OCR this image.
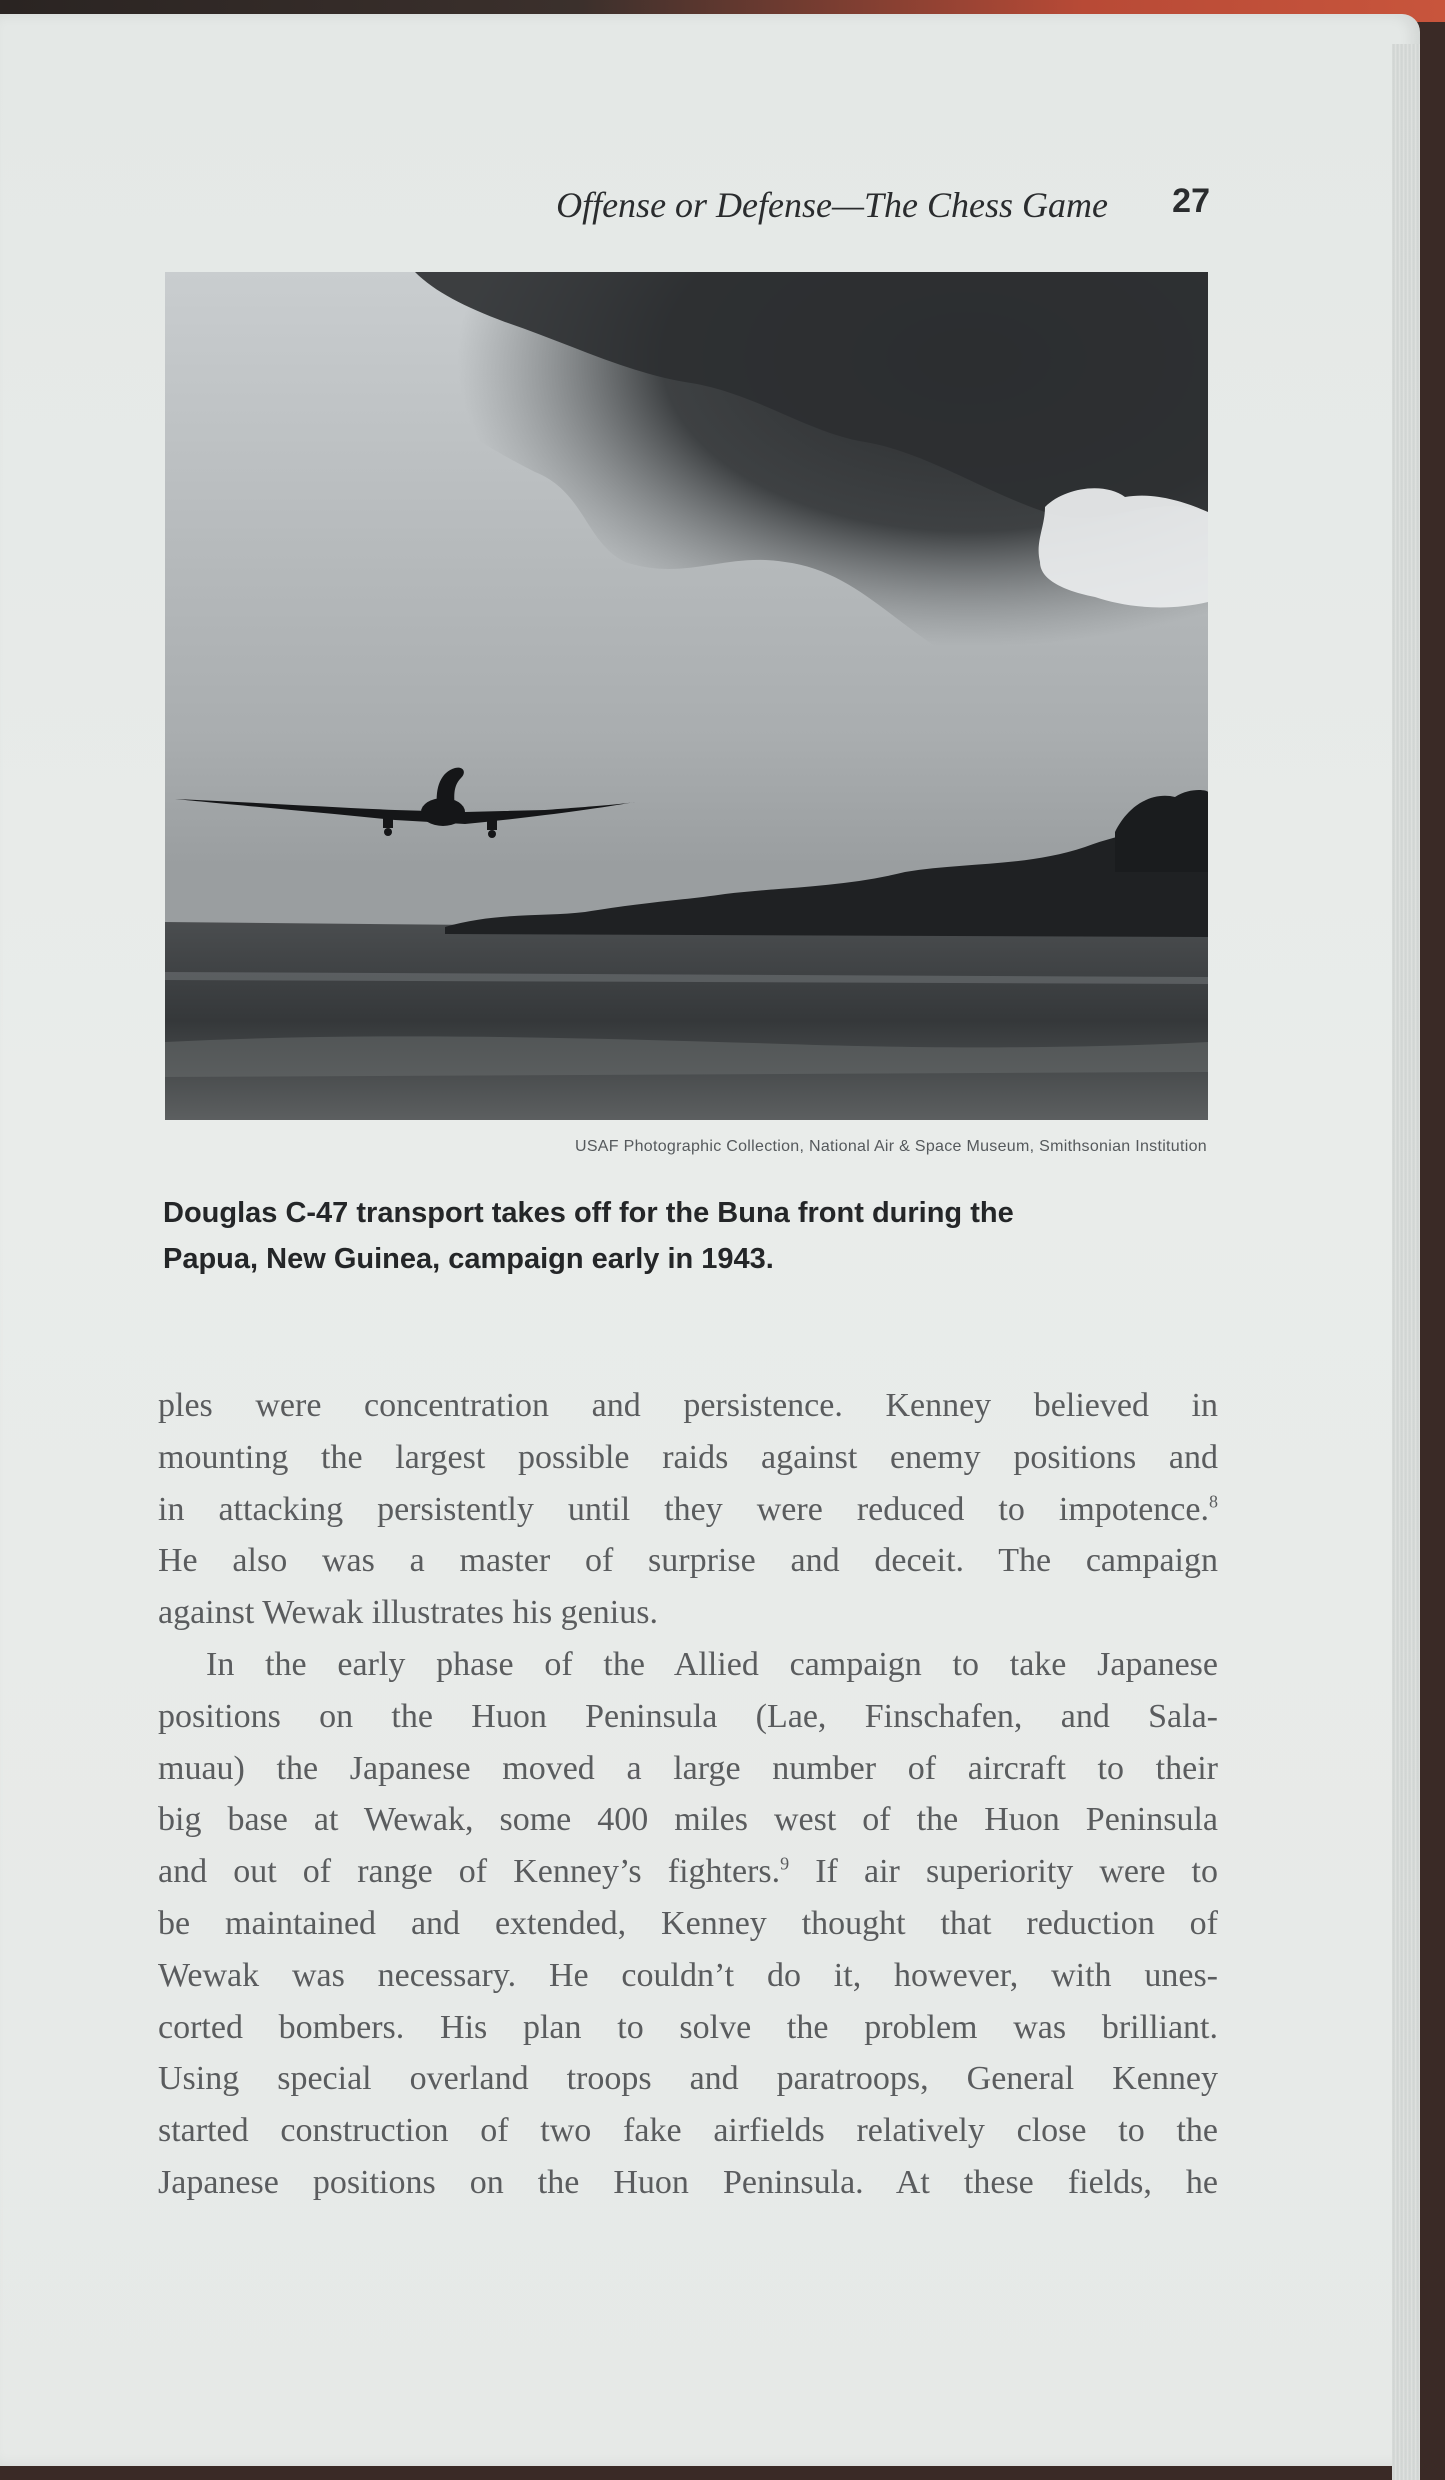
Offense or Defense—The Chess Game 27
USAF Photographic Collection, National Air & Space Museum, Smithsonian Institution
Douglas C-47 transport takes off for the Buna front during the
Papua, New Guinea, campaign early in 1943.
ples were concentration and persistence. Kenney believed in
mounting the largest possible raids against enemy positions and
in attacking persistently until they were reduced to impotence.$^8$
He also was a master of surprise and deceit. The campaign
against Wewak illustrates his genius.
In the early phase of the Allied campaign to take Japanese
positions on the Huon Peninsula (Lae, Finschafen, and Sala-
muau) the Japanese moved a large number of aircraft to their
big base at Wewak, some 400 miles west of the Huon Peninsula
and out of range of Kenney’s fighters.$^9$ If air superiority were to
be maintained and extended, Kenney thought that reduction of
Wewak was necessary. He couldn’t do it, however, with unes-
corted bombers. His plan to solve the problem was brilliant.
Using special overland troops and paratroops, General Kenney
started construction of two fake airfields relatively close to the
Japanese positions on the Huon Peninsula. At these fields, he
